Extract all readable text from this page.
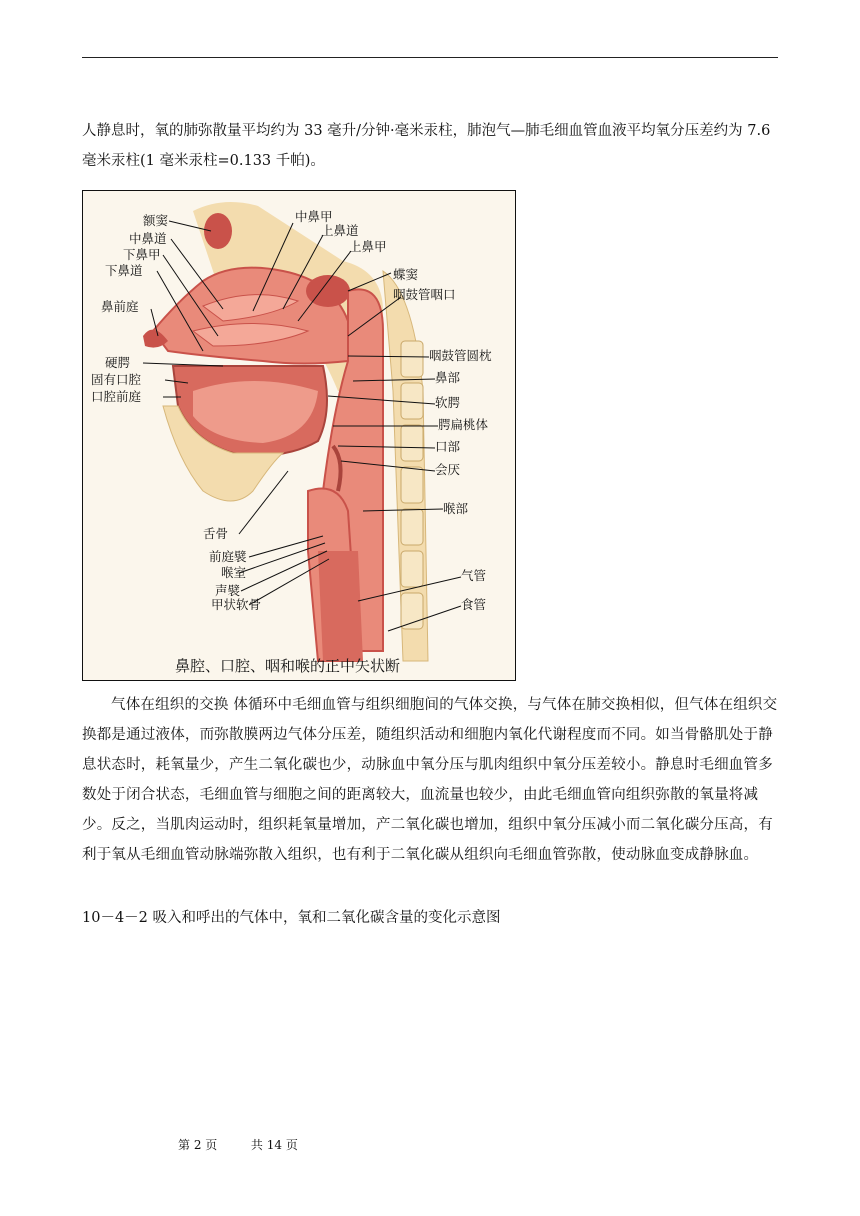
人静息时，氧的肺弥散量平均约为 33 毫升/分钟·毫米汞柱，肺泡气—肺毛细血管血液平均氧分压差约为 7.6 毫米汞柱(1 毫米汞柱=0.133 千帕)。
额窦
中鼻道
下鼻甲
下鼻道
鼻前庭
硬腭
固有口腔
口腔前庭
舌骨
前庭襞
喉室
声襞
甲状软骨
中鼻甲
上鼻道
上鼻甲
蝶窦
咽鼓管咽口
咽鼓管圆枕
鼻部
软腭
腭扁桃体
口部
会厌
喉部
气管
食管
鼻腔、口腔、咽和喉的正中矢状断
气体在组织的交换 体循环中毛细血管与组织细胞间的气体交换，与气体在肺交换相似，但气体在组织交换都是通过液体，而弥散膜两边气体分压差，随组织活动和细胞内氧化代谢程度而不同。如当骨骼肌处于静息状态时，耗氧量少，产生二氧化碳也少，动脉血中氧分压与肌肉组织中氧分压差较小。静息时毛细血管多数处于闭合状态，毛细血管与细胞之间的距离较大，血流量也较少，由此毛细血管向组织弥散的氧量将减少。反之，当肌肉运动时，组织耗氧量增加，产二氧化碳也增加，组织中氧分压减小而二氧化碳分压高，有利于氧从毛细血管动脉端弥散入组织，也有利于二氧化碳从组织向毛细血管弥散，使动脉血变成静脉血。
10－4－2 吸入和呼出的气体中，氧和二氧化碳含量的变化示意图
第 2 页	共 14 页
